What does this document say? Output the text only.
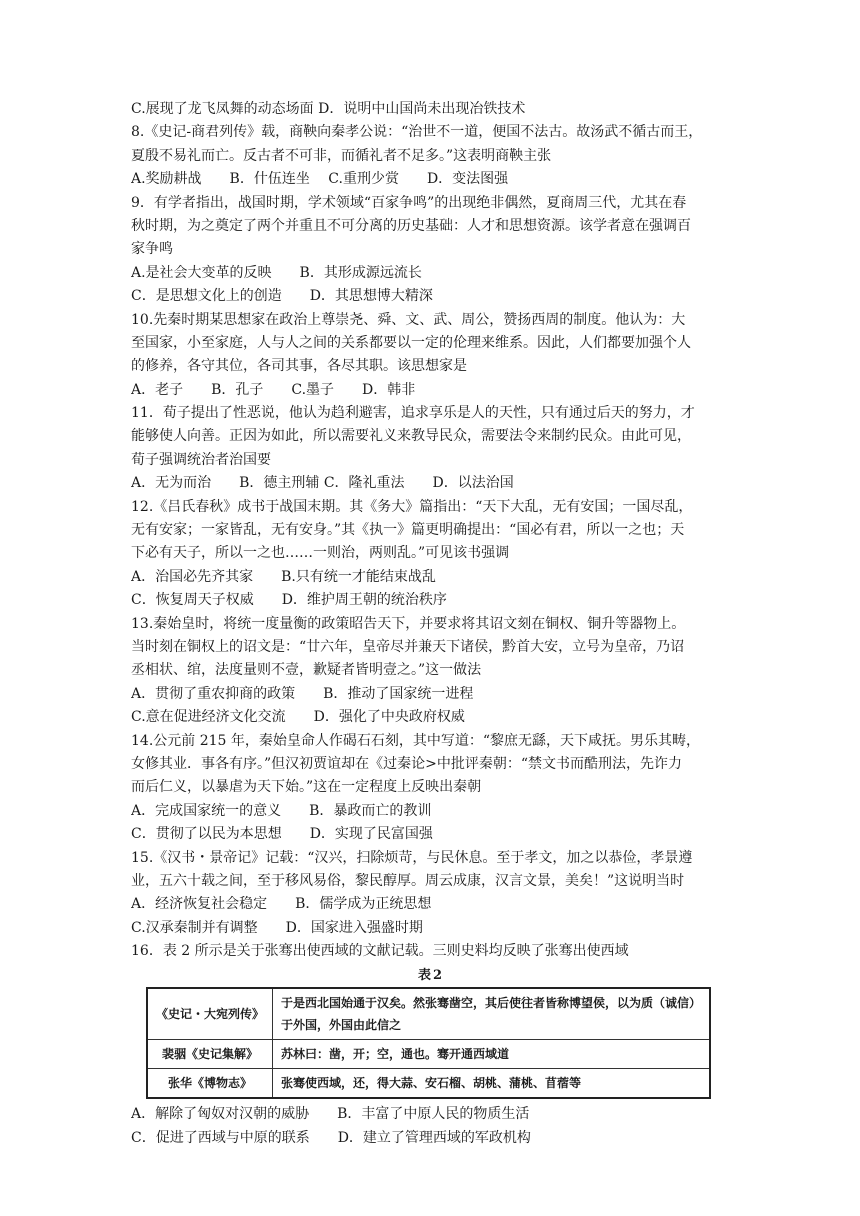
C.展现了龙飞凤舞的动态场面 D．说明中山国尚未出现冶铁技术
8.《史记-商君列传》载，商鞅向秦孝公说：“治世不一道，便国不法古。故汤武不循古而王，
夏殷不易礼而亡。反古者不可非，而循礼者不足多。”这表明商鞅主张
A.奖励耕战　　B．什伍连坐　 C.重刑少赏　　D．变法图强
9．有学者指出，战国时期，学术领域“百家争鸣”的出现绝非偶然，夏商周三代，尤其在春
秋时期，为之奠定了两个并重且不可分离的历史基础：人才和思想资源。该学者意在强调百
家争鸣
A.是社会大变革的反映　　B．其形成源远流长
C．是思想文化上的创造　　D．其思想博大精深
10.先秦时期某思想家在政治上尊崇尧、舜、文、武、周公，赞扬西周的制度。他认为：大
至国家，小至家庭，人与人之间的关系都要以一定的伦理来维系。因此，人们都要加强个人
的修养，各守其位，各司其事，各尽其职。该思想家是
A．老子　　B．孔子　　C.墨子　　D．韩非
11．荀子提出了性恶说，他认为趋利避害，追求享乐是人的天性，只有通过后天的努力，才
能够使人向善。正因为如此，所以需要礼义来教导民众，需要法令来制约民众。由此可见，
荀子强调统治者治国要
A．无为而治　　B．德主刑辅 C．隆礼重法　　D．以法治国
12.《吕氏春秋》成书于战国末期。其《务大》篇指出：“天下大乱，无有安国；一国尽乱，
无有安家；一家皆乱，无有安身。”其《执一》篇更明确提出：“国必有君，所以一之也；天
下必有天子，所以一之也……一则治，两则乱。”可见该书强调
A．治国必先齐其家　　B.只有统一才能结束战乱
C．恢复周天子权威　　D．维护周王朝的统治秩序
13.秦始皇时，将统一度量衡的政策昭告天下，并要求将其诏文刻在铜权、铜升等器物上。
当时刻在铜权上的诏文是：“廿六年，皇帝尽并兼天下诸侯，黔首大安，立号为皇帝，乃诏
丞相状、绾，法度量则不壹，歉疑者皆明壹之。”这一做法
A．贯彻了重农抑商的政策　　B．推动了国家统一进程
C.意在促进经济文化交流　　D．强化了中央政府权威
14.公元前 215 年，秦始皇命人作碣石石刻，其中写道：“黎庶无繇，天下咸抚。男乐其畴，
女修其业．事各有序。”但汉初贾谊却在《过秦论>中批评秦朝：“禁文书而酷刑法，先诈力
而后仁义，以暴虐为天下始。”这在一定程度上反映出秦朝
A．完成国家统一的意义　　B．暴政而亡的教训
C．贯彻了以民为本思想　　D．实现了民富国强
15.《汉书・景帝记》记载：“汉兴，扫除烦苛，与民休息。至于孝文，加之以恭俭，孝景遵
业，五六十载之间，至于移风易俗，黎民醇厚。周云成康，汉言文景，美矣！”这说明当时
A．经济恢复社会稳定　　B．儒学成为正统思想
C.汉承秦制并有调整　　D．国家进入强盛时期
16．表 2 所示是关于张骞出使西域的文献记载。三则史料均反映了张骞出使西域
表2
《史记・大宛列传》	于是西北国始通于汉矣。然张骞凿空，其后使往者皆称博望侯，以为质（诚信）于外国，外国由此信之
裴骃《史记集解》	苏林曰：凿，开；空，通也。骞开通西域道
张华《博物志》	张骞使西域，还，得大蒜、安石榴、胡桃、蒲桃、苜蓿等
A．解除了匈奴对汉朝的威胁　　B．丰富了中原人民的物质生活
C．促进了西域与中原的联系　　D．建立了管理西域的军政机构
